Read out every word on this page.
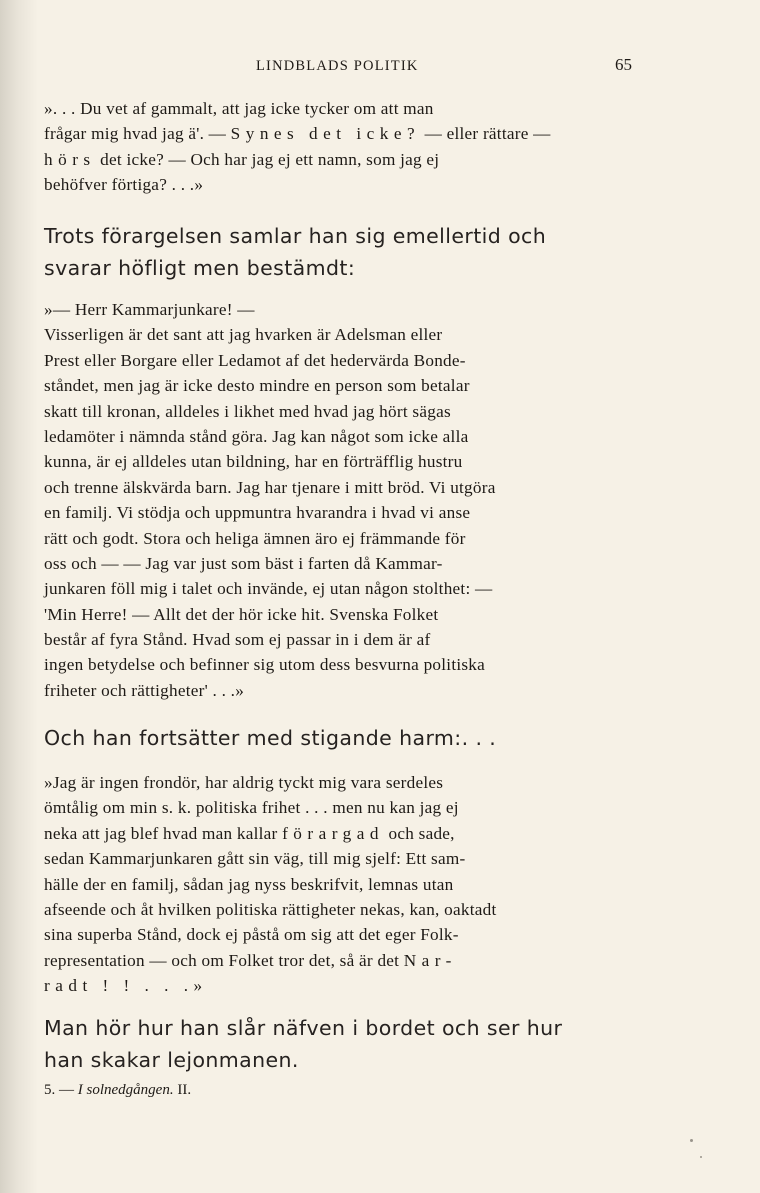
LINDBLADS POLITIK	65
». . . Du vet af gammalt, att jag icke tycker om att man
frågar mig hvad jag ä'. — Synes det icke? — eller rättare —
hörs det icke? — Och har jag ej ett namn, som jag ej
behöfver förtiga? . . .»
Trots förargelsen samlar han sig emellertid och
svarar höfligt men bestämdt:
»— Herr Kammarjunkare! —
Visserligen är det sant att jag hvarken är Adelsman eller
Prest eller Borgare eller Ledamot af det hedervärda Bonde-
ståndet, men jag är icke desto mindre en person som betalar
skatt till kronan, alldeles i likhet med hvad jag hört sägas
ledamöter i nämnda stånd göra. Jag kan något som icke alla
kunna, är ej alldeles utan bildning, har en förträfflig hustru
och trenne älskvärda barn. Jag har tjenare i mitt bröd. Vi utgöra
en familj. Vi stödja och uppmuntra hvarandra i hvad vi anse
rätt och godt. Stora och heliga ämnen äro ej främmande för
oss och — — Jag var just som bäst i farten då Kammar-
junkaren föll mig i talet och invände, ej utan någon stolthet: —
'Min Herre! — Allt det der hör icke hit. Svenska Folket
består af fyra Stånd. Hvad som ej passar in i dem är af
ingen betydelse och befinner sig utom dess besvurna politiska
friheter och rättigheter' . . .»
Och han fortsätter med stigande harm:. . .
»Jag är ingen frondör, har aldrig tyckt mig vara serdeles
ömtålig om min s. k. politiska frihet . . . men nu kan jag ej
neka att jag blef hvad man kallar förargad och sade,
sedan Kammarjunkaren gått sin väg, till mig sjelf: Ett sam-
hälle der en familj, sådan jag nyss beskrifvit, lemnas utan
afseende och åt hvilken politiska rättigheter nekas, kan, oaktadt
sina superba Stånd, dock ej påstå om sig att det eger Folk-
representation — och om Folket tror det, så är det Nar-
radt ! ! . . .»
Man hör hur han slår näfven i bordet och ser hur
han skakar lejonmanen.
5. — I solnedgången. II.
